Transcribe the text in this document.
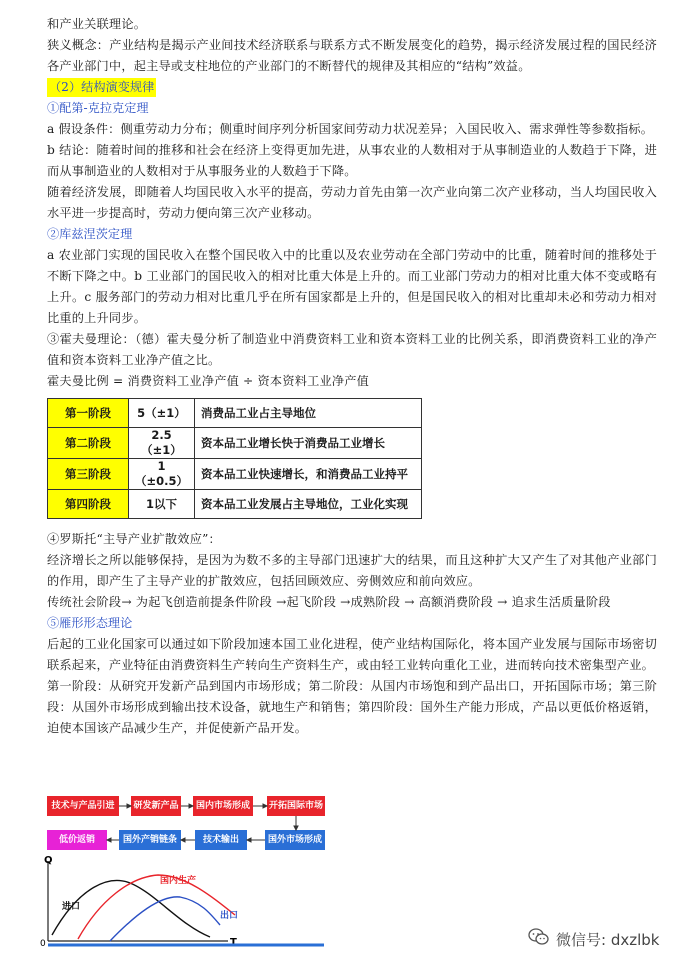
和产业关联理论。

狭义概念：产业结构是揭示产业间技术经济联系与联系方式不断发展变化的趋势，揭示经济发展过程的国民经济各产业部门中，起主导或支柱地位的产业部门的不断替代的规律及其相应的“结构”效益。

（2）结构演变规律

①配第-克拉克定理

a 假设条件：侧重劳动力分布；侧重时间序列分析国家间劳动力状况差异；入国民收入、需求弹性等参数指标。

b 结论：随着时间的推移和社会在经济上变得更加先进，从事农业的人数相对于从事制造业的人数趋于下降，进而从事制造业的人数相对于从事服务业的人数趋于下降。

随着经济发展，即随着人均国民收入水平的提高，劳动力首先由第一次产业向第二次产业移动，当人均国民收入水平进一步提高时，劳动力便向第三次产业移动。

②库兹涅茨定理

a 农业部门实现的国民收入在整个国民收入中的比重以及农业劳动在全部门劳动中的比重，随着时间的推移处于不断下降之中。b 工业部门的国民收入的相对比重大体是上升的。而工业部门劳动力的相对比重大体不变或略有上升。c 服务部门的劳动力相对比重几乎在所有国家都是上升的，但是国民收入的相对比重却未必和劳动力相对比重的上升同步。

③霍夫曼理论：（德）霍夫曼分析了制造业中消费资料工业和资本资料工业的比例关系，即消费资料工业的净产值和资本资料工业净产值之比。

霍夫曼比例 = 消费资料工业净产值 ÷ 资本资料工业净产值

第一阶段	5（±1）	消费品工业占主导地位
第二阶段	2.5（±1）	资本品工业增长快于消费品工业增长
第三阶段	1（±0.5）	资本品工业快速增长，和消费品工业持平
第四阶段	1以下	资本品工业发展占主导地位，工业化实现

④罗斯托“主导产业扩散效应”：

经济增长之所以能够保持，是因为为数不多的主导部门迅速扩大的结果，而且这种扩大又产生了对其他产业部门的作用，即产生了主导产业的扩散效应，包括回顾效应、旁侧效应和前向效应。

传统社会阶段→ 为起飞创造前提条件阶段 →起飞阶段 →成熟阶段 → 高额消费阶段 → 追求生活质量阶段

⑤雁形形态理论

后起的工业化国家可以通过如下阶段加速本国工业化进程，使产业结构国际化，将本国产业发展与国际市场密切联系起来，产业特征由消费资料生产转向生产资料生产，或由轻工业转向重化工业，进而转向技术密集型产业。

第一阶段：从研究开发新产品到国内市场形成；第二阶段：从国内市场饱和到产品出口，开拓国际市场；第三阶段：从国外市场形成到输出技术设备，就地生产和销售；第四阶段：国外生产能力形成，产品以更低价格返销，迫使本国该产品减少生产，并促使新产品开发。

技术与产品引进	研发新产品	国内市场形成	开拓国际市场
低价返销	国外产销链条	技术输出	国外市场形成
Q
T
0
进口
国内生产
出口
微信号: dxzlbk
